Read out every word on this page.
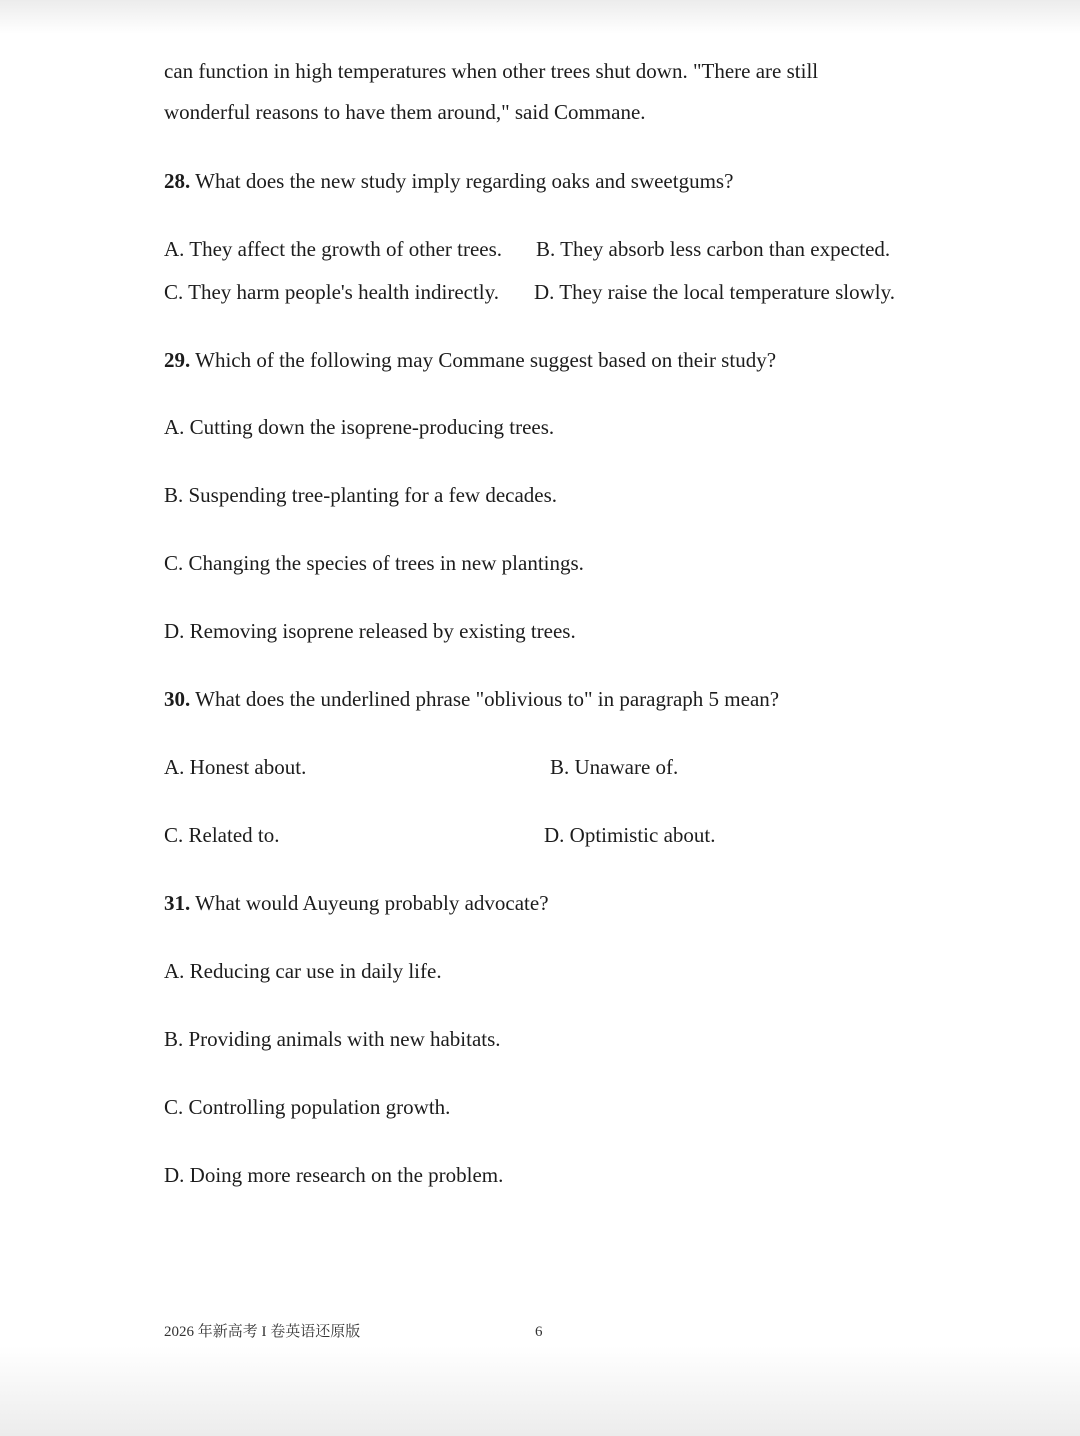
can function in high temperatures when other trees shut down. "There are still
wonderful reasons to have them around," said Commane.
28. What does the new study imply regarding oaks and sweetgums?
A. They affect the growth of other trees. B. They absorb less carbon than expected.
C. They harm people's health indirectly. D. They raise the local temperature slowly.
29. Which of the following may Commane suggest based on their study?
A. Cutting down the isoprene-producing trees.
B. Suspending tree-planting for a few decades.
C. Changing the species of trees in new plantings.
D. Removing isoprene released by existing trees.
30. What does the underlined phrase "oblivious to" in paragraph 5 mean?
A. Honest about.	B. Unaware of.
C. Related to.	D. Optimistic about.
31. What would Auyeung probably advocate?
A. Reducing car use in daily life.
B. Providing animals with new habitats.
C. Controlling population growth.
D. Doing more research on the problem.
2026 年新高考 I 卷英语还原版	6
